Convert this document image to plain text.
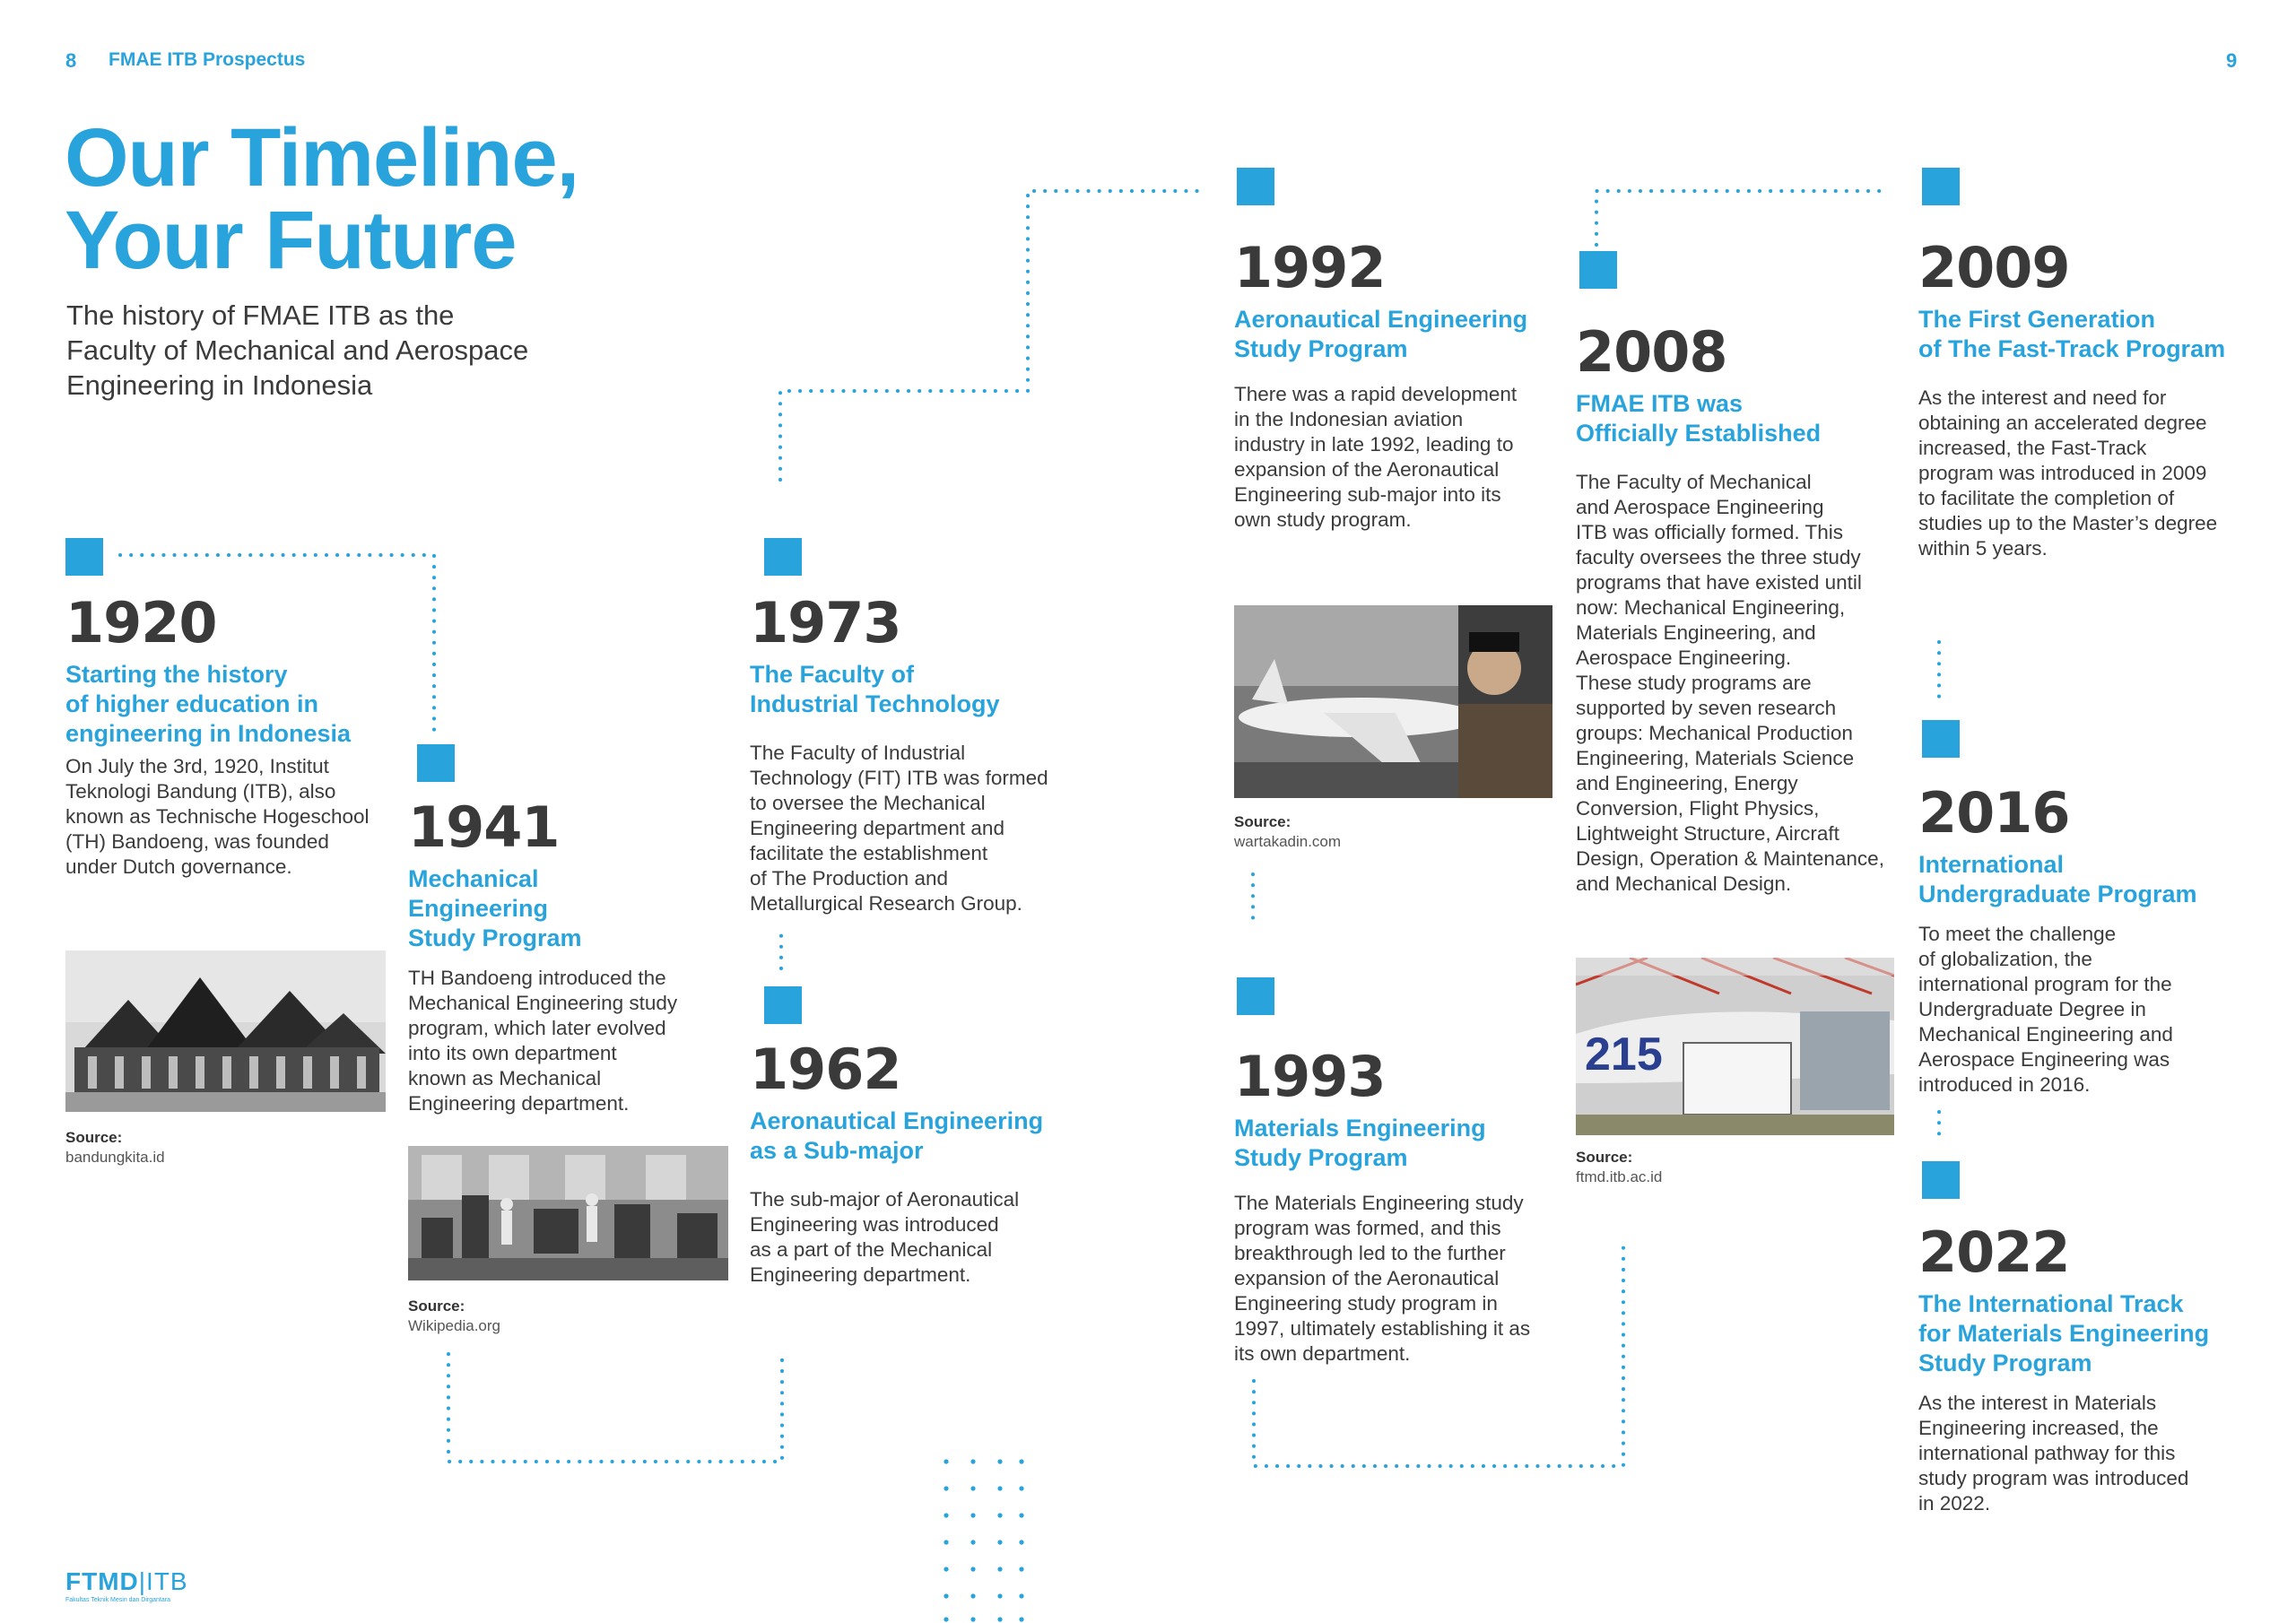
8 FMAE ITB Prospectus	9
Our Timeline,
Your Future
The history of FMAE ITB as the
Faculty of Mechanical and Aerospace
Engineering in Indonesia
1920
Starting the history
of higher education in
engineering in Indonesia
On July the 3rd, 1920, Institut
Teknologi Bandung (ITB), also
known as Technische Hogeschool
(TH) Bandoeng, was founded
under Dutch governance.
Source:
bandungkita.id
1941
Mechanical
Engineering
Study Program
TH Bandoeng introduced the
Mechanical Engineering study
program, which later evolved
into its own department
known as Mechanical
Engineering department.
Source:
Wikipedia.org
1973
The Faculty of
Industrial Technology
The Faculty of Industrial
Technology (FIT) ITB was formed
to oversee the Mechanical
Engineering department and
facilitate the establishment
of The Production and
Metallurgical Research Group.
1962
Aeronautical Engineering
as a Sub-major
The sub-major of Aeronautical
Engineering was introduced
as a part of the Mechanical
Engineering department.
1992
Aeronautical Engineering
Study Program
There was a rapid development
in the Indonesian aviation
industry in late 1992, leading to
expansion of the Aeronautical
Engineering sub-major into its
own study program.
Source:
wartakadin.com
1993
Materials Engineering
Study Program
The Materials Engineering study
program was formed, and this
breakthrough led to the further
expansion of the Aeronautical
Engineering study program in
1997, ultimately establishing it as
its own department.
2008
FMAE ITB was
Officially Established
The Faculty of Mechanical
and Aerospace Engineering
ITB was officially formed. This
faculty oversees the three study
programs that have existed until
now: Mechanical Engineering,
Materials Engineering, and
Aerospace Engineering.
These study programs are
supported by seven research
groups: Mechanical Production
Engineering, Materials Science
and Engineering, Energy
Conversion, Flight Physics,
Lightweight Structure, Aircraft
Design, Operation & Maintenance,
and Mechanical Design.
215
Source:
ftmd.itb.ac.id
2009
The First Generation
of The Fast-Track Program
As the interest and need for
obtaining an accelerated degree
increased, the Fast-Track
program was introduced in 2009
to facilitate the completion of
studies up to the Master’s degree
within 5 years.
2016
International
Undergraduate Program
To meet the challenge
of globalization, the
international program for the
Undergraduate Degree in
Mechanical Engineering and
Aerospace Engineering was
introduced in 2016.
2022
The International Track
for Materials Engineering
Study Program
As the interest in Materials
Engineering increased, the
international pathway for this
study program was introduced
in 2022.
FTMD|ITB
Fakultas Teknik Mesin dan Dirgantara
